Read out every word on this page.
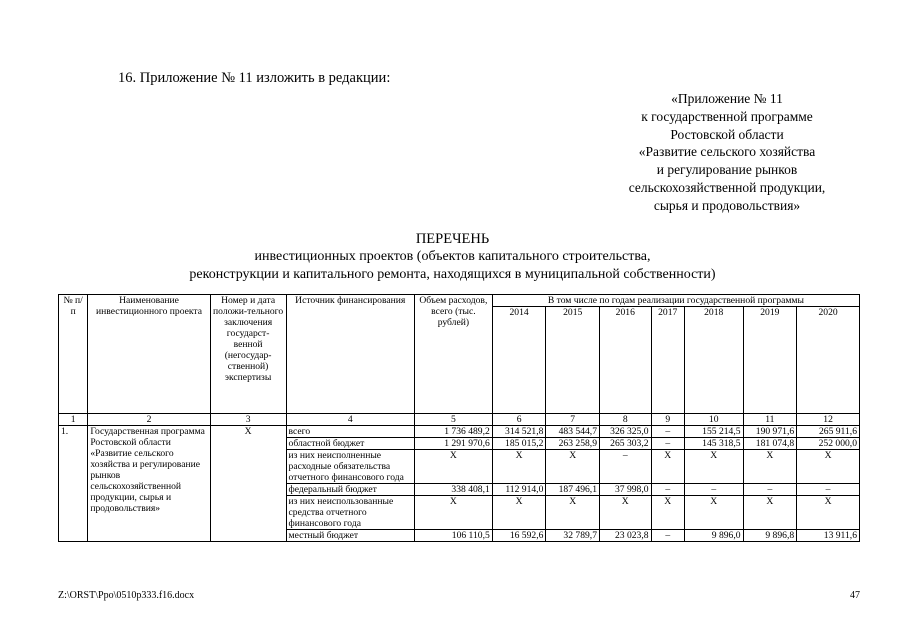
16. Приложение № 11 изложить в редакции:
«Приложение № 11
к государственной программе
Ростовской области
«Развитие сельского хозяйства
и регулирование рынков
сельскохозяйственной продукции,
сырья и продовольствия»
ПЕРЕЧЕНЬ
инвестиционных проектов (объектов капитального строительства,
реконструкции и капитального ремонта, находящихся в муниципальной собственности)
№ п/п	Наименование инвестиционного проекта	Номер и дата положи-тельного заключения государст-венной (негосудар-ственной) экспертизы	Источник финансирования	Объем расходов, всего (тыс. рублей)	В том числе по годам реализации государственной программы						
					2014	2015	2016	2017	2018	2019	2020
1	2	3	4	5	6	7	8	9	10	11	12
1.	Государственная программа Ростовской области «Развитие сельского хозяйства и регулирование рынков сельскохозяйственной продукции, сырья и продовольствия»	Х	всего	1 736 489,2	314 521,8	483 544,7	326 325,0	–	155 214,5	190 971,6	265 911,6
			областной бюджет	1 291 970,6	185 015,2	263 258,9	265 303,2	–	145 318,5	181 074,8	252 000,0
			из них неисполненные расходные обязательства отчетного финансового года	Х	Х	Х	–	Х	Х	Х	Х
			федеральный бюджет	338 408,1	112 914,0	187 496,1	37 998,0	–	–	–	–
			из них неиспользованные средства отчетного финансового года	Х	Х	Х	Х	Х	Х	Х	Х
			местный бюджет	106 110,5	16 592,6	32 789,7	23 023,8	–	9 896,0	9 896,8	13 911,6
Z:\ORST\Ppo\0510p333.f16.docx	47
